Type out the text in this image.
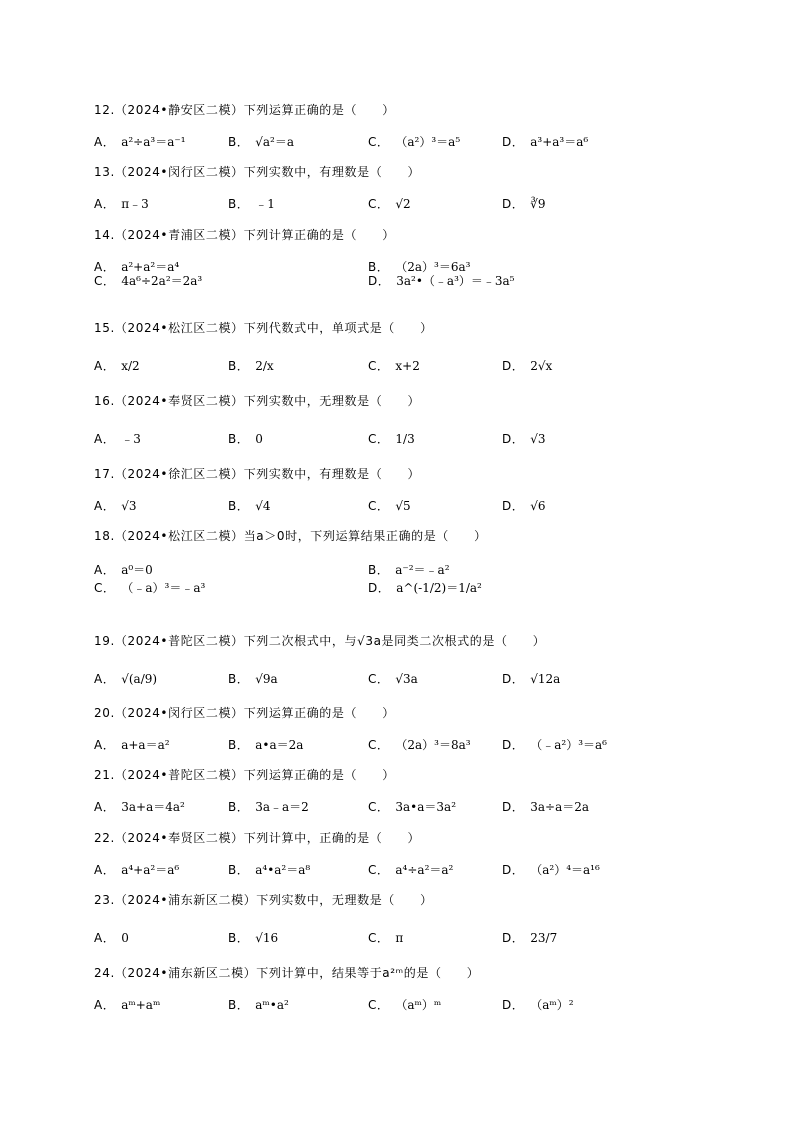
12.（2024•静安区二模）下列运算正确的是（　　）
A． a²÷a³＝a⁻¹	B． √a²＝a	C． （a²）³＝a⁵	D． a³+a³＝a⁶
13.（2024•闵行区二模）下列实数中，有理数是（　　）
A． π﹣3	B． ﹣1	C． √2	D． ∛9
14.（2024•青浦区二模）下列计算正确的是（　　）
A． a²+a²＝a⁴	B． （2a）³＝6a³
C． 4a⁶÷2a²＝2a³	D． 3a²•（﹣a³）＝﹣3a⁵
15.（2024•松江区二模）下列代数式中，单项式是（　　）
A． x/2	B． 2/x	C． x+2	D． 2√x
16.（2024•奉贤区二模）下列实数中，无理数是（　　）
A． ﹣3	B． 0	C． 1/3	D． √3
17.（2024•徐汇区二模）下列实数中，有理数是（　　）
A． √3	B． √4	C． √5	D． √6
18.（2024•松江区二模）当a＞0时，下列运算结果正确的是（　　）
A． a⁰＝0	B． a⁻²＝﹣a²
C． （﹣a）³＝﹣a³	D． a^(-1/2)＝1/a²
19.（2024•普陀区二模）下列二次根式中，与√3a是同类二次根式的是（　　）
A． √(a/9)	B． √9a	C． √3a	D． √12a
20.（2024•闵行区二模）下列运算正确的是（　　）
A． a+a＝a²	B． a•a＝2a	C． （2a）³＝8a³	D． （﹣a²）³＝a⁶
21.（2024•普陀区二模）下列运算正确的是（　　）
A． 3a+a＝4a²	B． 3a﹣a＝2	C． 3a•a＝3a²	D． 3a÷a＝2a
22.（2024•奉贤区二模）下列计算中，正确的是（　　）
A． a⁴+a²＝a⁶	B． a⁴•a²＝a⁸	C． a⁴÷a²＝a²	D． （a²）⁴＝a¹⁶
23.（2024•浦东新区二模）下列实数中，无理数是（　　）
A． 0	B． √16	C． π	D． 23/7
24.（2024•浦东新区二模）下列计算中，结果等于a²ᵐ的是（　　）
A． aᵐ+aᵐ	B． aᵐ•a²	C． （aᵐ）ᵐ	D． （aᵐ）²
